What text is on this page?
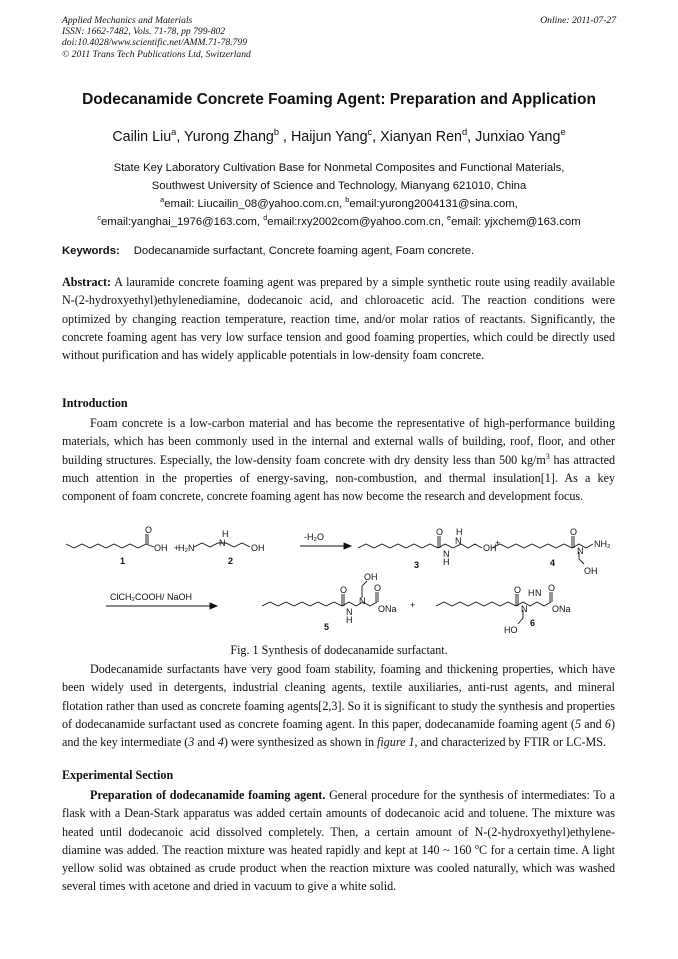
Applied Mechanics and Materials
ISSN: 1662-7482, Vols. 71-78, pp 799-802
doi:10.4028/www.scientific.net/AMM.71-78.799
© 2011 Trans Tech Publications Ltd, Switzerland
Online: 2011-07-27
Dodecanamide Concrete Foaming Agent: Preparation and Application
Cailin Liu$^a$, Yurong Zhang$^b$ , Haijun Yang$^c$, Xianyan Ren$^d$, Junxiao Yang$^e$
State Key Laboratory Cultivation Base for Nonmetal Composites and Functional Materials,
Southwest University of Science and Technology, Mianyang 621010, China
$^a$email: Liucailin_08@yahoo.com.cn, $^b$email:yurong2004131@sina.com,
$^c$email:yanghai_1976@163.com, $^d$email:rxy2002com@yahoo.com.cn, $^e$email: yjxchem@163.com
Keywords: Dodecanamide surfactant, Concrete foaming agent, Foam concrete.
Abstract: A lauramide concrete foaming agent was prepared by a simple synthetic route using readily available N-(2-hydroxyethyl)ethylenediamine, dodecanoic acid, and chloroacetic acid. The reaction conditions were optimized by changing reaction temperature, reaction time, and/or molar ratios of reactants. Significantly, the concrete foaming agent has very low surface tension and good foaming properties, which could be directly used without purification and has widely applicable potentials in low-density foam concrete.
Introduction
Foam concrete is a low-carbon material and has become the representative of high-performance building materials, which has been commonly used in the internal and external walls of building, roof, floor, and other building structures. Especially, the low-density foam concrete with dry density less than 500 $kg/m^3$ has attracted much attention in the properties of energy-saving, non-combustion, and thermal insulation[1]. As a key component of foam concrete, concrete foaming agent has now become the research and development focus.
O
OH +
H₂N
H
N	OH
1	2
-H₂O	O
N
H
H
N
OH
+
3
O
N
NH₂
OH
4
ClCH₂COOH/ NaOH
O
N
H
N
OH
O
ONa +
5
O
N
H N O
ONa
HO
6
Fig. 1 Synthesis of dodecanamide surfactant.
Dodecanamide surfactants have very good foam stability, foaming and thickening properties, which have been widely used in detergents, industrial cleaning agents, textile auxiliaries, anti-rust agents, and mineral flotation rather than used as concrete foaming agents[2,3]. So it is significant to study the synthesis and properties of dodecanamide surfactant used as concrete foaming agent. In this paper, dodecanamide foaming agent (5 and 6) and the key intermediate (3 and 4) were synthesized as shown in figure 1, and characterized by FTIR or LC-MS.
Experimental Section
Preparation of dodecanamide foaming agent. General procedure for the synthesis of intermediates: To a flask with a Dean-Stark apparatus was added certain amounts of dodecanoic acid and toluene. The mixture was heated until dodecanoic acid dissolved completely. Then, a certain amount of N-(2-hydroxyethyl)ethylene-diamine was added. The reaction mixture was heated rapidly and kept at 140 ~ 160 $^o$C for a certain time. A light yellow solid was obtained as crude product when the reaction mixture was cooled naturally, which was washed several times with acetone and dried in vacuum to give a white solid.
